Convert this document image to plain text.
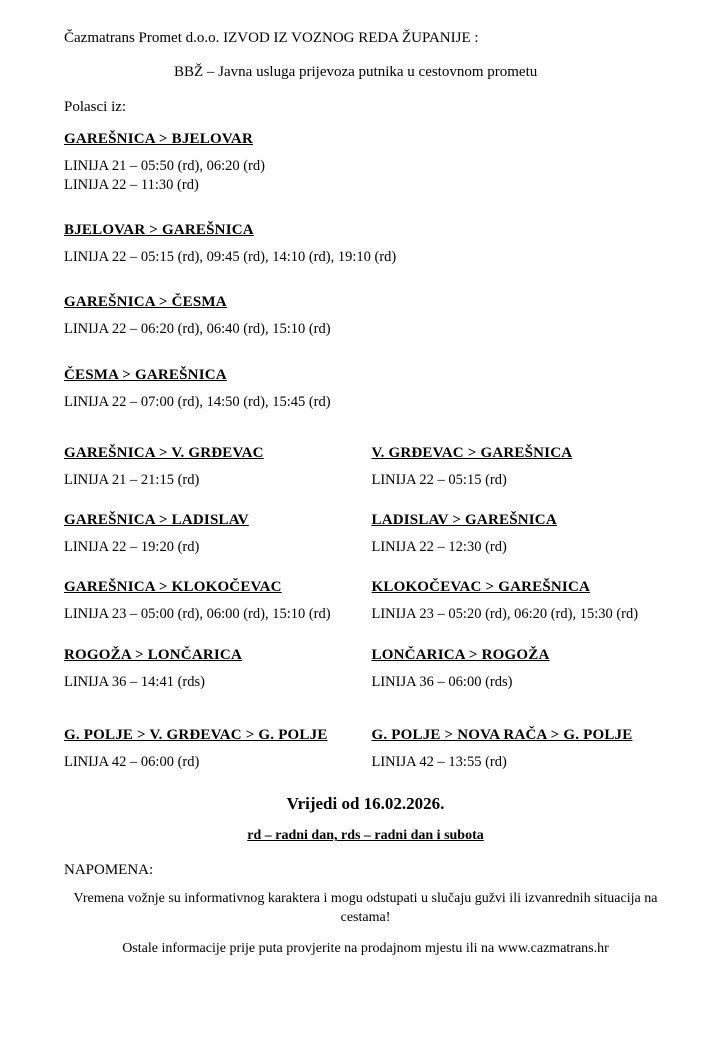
Čazmatrans Promet d.o.o. IZVOD IZ VOZNOG REDA ŽUPANIJE :
BBŽ – Javna usluga prijevoza putnika u cestovnom prometu
Polasci iz:
GAREŠNICA > BJELOVAR
LINIJA 21 – 05:50 (rd), 06:20 (rd)
LINIJA 22 – 11:30 (rd)
BJELOVAR > GAREŠNICA
LINIJA 22 – 05:15 (rd), 09:45 (rd), 14:10 (rd), 19:10 (rd)
GAREŠNICA > ČESMA
LINIJA 22 – 06:20 (rd), 06:40 (rd), 15:10 (rd)
ČESMA > GAREŠNICA
LINIJA 22 – 07:00 (rd), 14:50 (rd), 15:45 (rd)
GAREŠNICA > V. GRĐEVAC
LINIJA 21 – 21:15 (rd)
V. GRĐEVAC > GAREŠNICA
LINIJA 22 – 05:15 (rd)
GAREŠNICA > LADISLAV
LINIJA 22 – 19:20 (rd)
LADISLAV > GAREŠNICA
LINIJA 22 – 12:30 (rd)
GAREŠNICA > KLOKOČEVAC
LINIJA 23 – 05:00 (rd), 06:00 (rd), 15:10 (rd)
KLOKOČEVAC > GAREŠNICA
LINIJA 23 – 05:20 (rd), 06:20 (rd), 15:30 (rd)
ROGOŽA > LONČARICA
LINIJA 36 – 14:41 (rds)
LONČARICA > ROGOŽA
LINIJA 36 – 06:00 (rds)
G. POLJE > V. GRĐEVAC > G. POLJE
LINIJA 42 – 06:00 (rd)
G. POLJE > NOVA RAČA > G. POLJE
LINIJA 42 – 13:55 (rd)
Vrijedi od 16.02.2026.
rd – radni dan, rds – radni dan i subota
NAPOMENA:
Vremena vožnje su informativnog karaktera i mogu odstupati u slučaju gužvi ili izvanrednih situacija na cestama!
Ostale informacije prije puta provjerite na prodajnom mjestu ili na www.cazmatrans.hr
